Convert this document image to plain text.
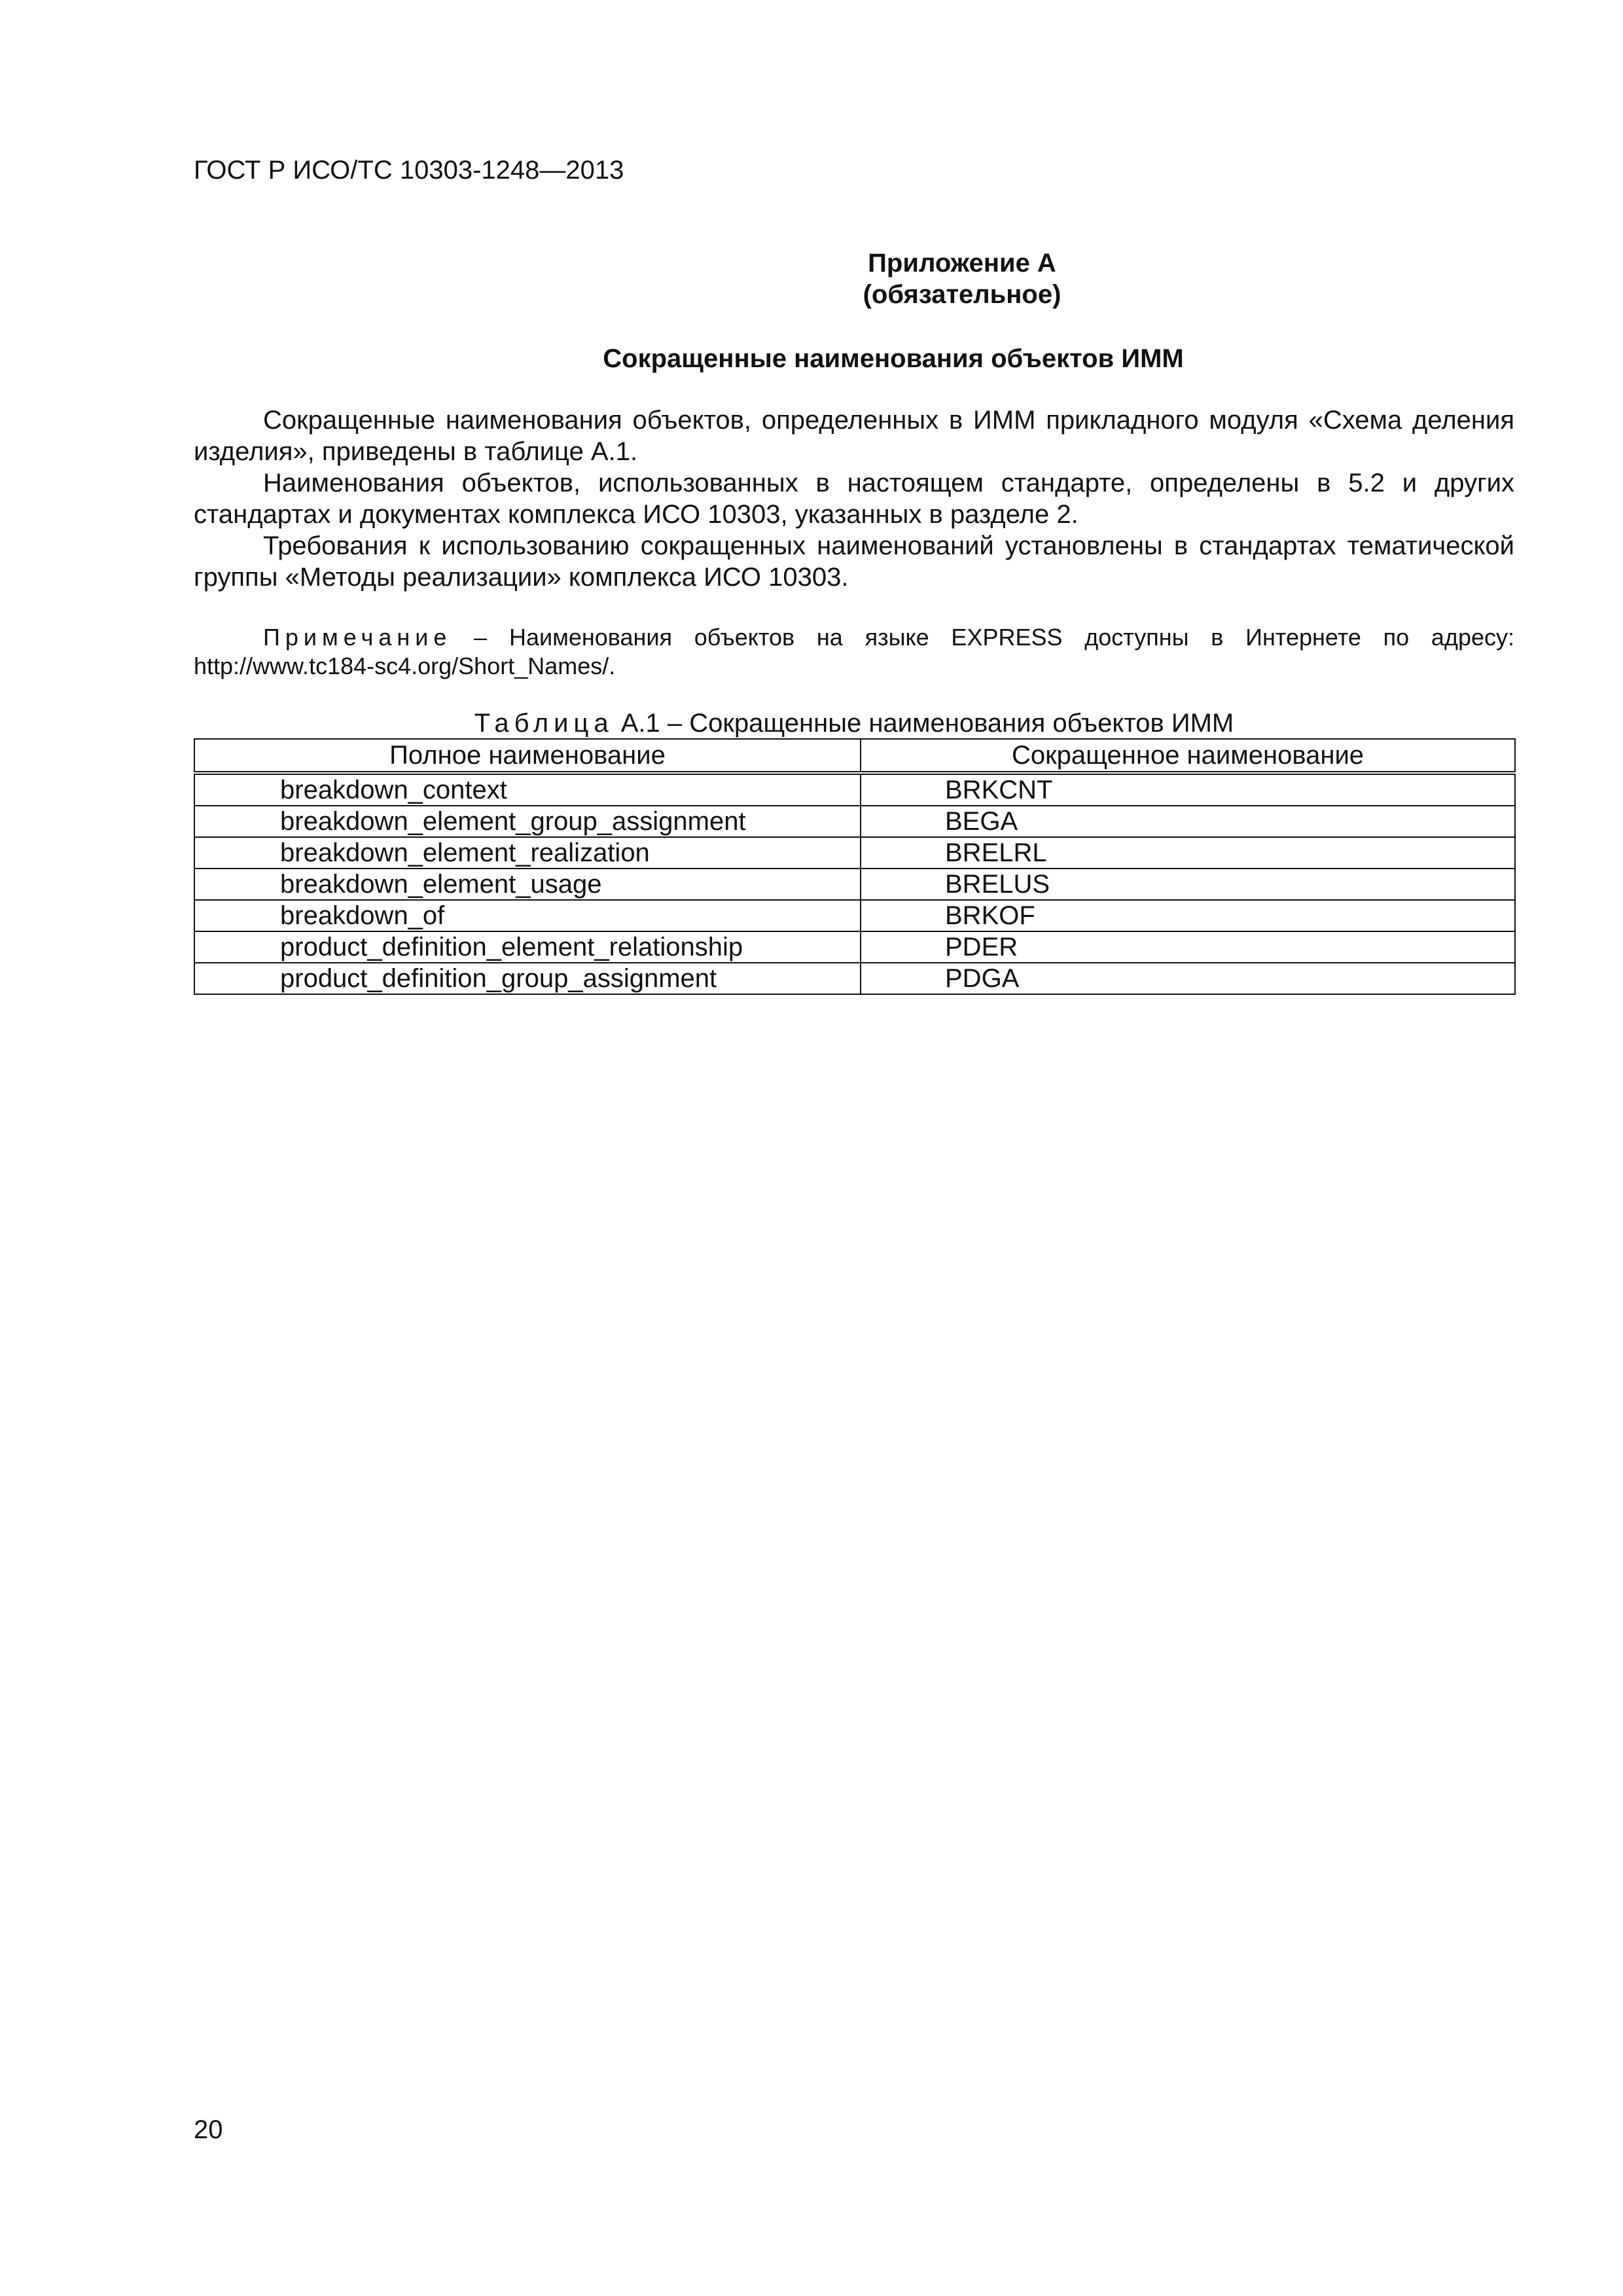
ГОСТ Р ИСО/ТС 10303-1248—2013
Приложение А
(обязательное)
Сокращенные наименования объектов ИММ

Сокращенные наименования объектов, определенных в ИММ прикладного модуля «Схема деления изделия», приведены в таблице А.1.

Наименования объектов, использованных в настоящем стандарте, определены в 5.2 и других стандартах и документах комплекса ИСО 10303, указанных в разделе 2.

Требования к использованию сокращенных наименований установлены в стандартах тематической группы «Методы реализации» комплекса ИСО 10303.

Примечание – Наименования объектов на языке EXPRESS доступны в Интернете по адресу: http://www.tc184-sc4.org/Short_Names/.
Таблица А.1 – Сокращенные наименования объектов ИММ
Полное наименование	Сокращенное наименование
breakdown_context	BRKCNT
breakdown_element_group_assignment	BEGA
breakdown_element_realization	BRELRL
breakdown_element_usage	BRELUS
breakdown_of	BRKOF
product_definition_element_relationship	PDER
product_definition_group_assignment	PDGA
20
